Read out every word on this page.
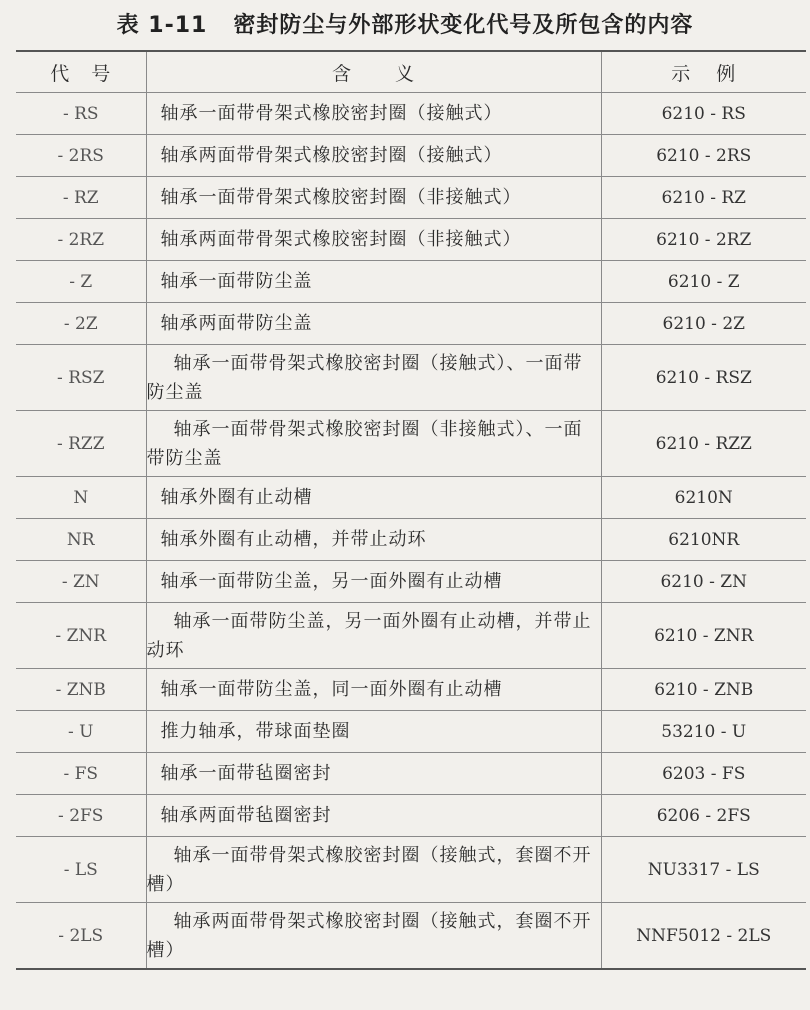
表 1-11 密封防尘与外部形状变化代号及所包含的内容
代号	含义	示例
- RS	轴承一面带骨架式橡胶密封圈（接触式）	6210 - RS
- 2RS	轴承两面带骨架式橡胶密封圈（接触式）	6210 - 2RS
- RZ	轴承一面带骨架式橡胶密封圈（非接触式）	6210 - RZ
- 2RZ	轴承两面带骨架式橡胶密封圈（非接触式）	6210 - 2RZ
- Z	轴承一面带防尘盖	6210 - Z
- 2Z	轴承两面带防尘盖	6210 - 2Z
- RSZ	轴承一面带骨架式橡胶密封圈（接触式）、一面带防尘盖	6210 - RSZ
- RZZ	轴承一面带骨架式橡胶密封圈（非接触式）、一面带防尘盖	6210 - RZZ
N	轴承外圈有止动槽	6210N
NR	轴承外圈有止动槽，并带止动环	6210NR
- ZN	轴承一面带防尘盖，另一面外圈有止动槽	6210 - ZN
- ZNR	轴承一面带防尘盖，另一面外圈有止动槽，并带止动环	6210 - ZNR
- ZNB	轴承一面带防尘盖，同一面外圈有止动槽	6210 - ZNB
- U	推力轴承，带球面垫圈	53210 - U
- FS	轴承一面带毡圈密封	6203 - FS
- 2FS	轴承两面带毡圈密封	6206 - 2FS
- LS	轴承一面带骨架式橡胶密封圈（接触式，套圈不开槽）	NU3317 - LS
- 2LS	轴承两面带骨架式橡胶密封圈（接触式，套圈不开槽）	NNF5012 - 2LS
